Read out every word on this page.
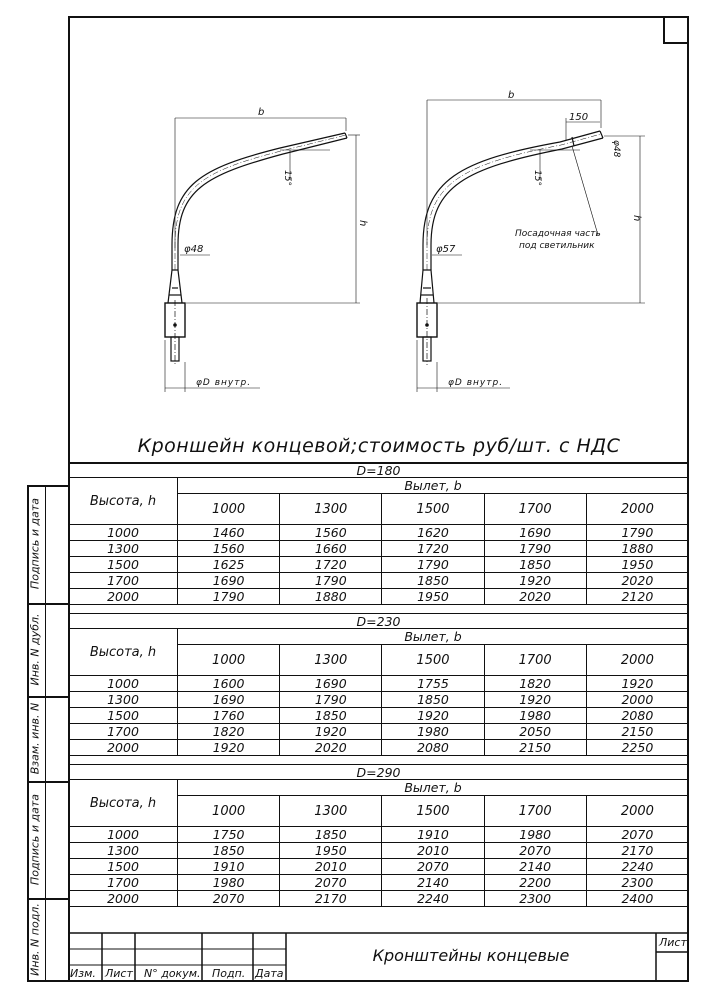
b
h
15°
φ48
φD внутр.
b
h
15°
150
φ48
φ57
φD внутр.
Посадочная часть
под светильник
Кроншейн концевой;стоимость руб/шт. с НДС
D=180					
Высота, h	Вылет, b				
	1000	1300	1500	1700	2000
1000	1460	1560	1620	1690	1790
1300	1560	1660	1720	1790	1880
1500	1625	1720	1790	1850	1950
1700	1690	1790	1850	1920	2020
2000	1790	1880	1950	2020	2120
D=230					
Высота, h	Вылет, b				
	1000	1300	1500	1700	2000
1000	1600	1690	1755	1820	1920
1300	1690	1790	1850	1920	2000
1500	1760	1850	1920	1980	2080
1700	1820	1920	1980	2050	2150
2000	1920	2020	2080	2150	2250
D=290					
Высота, h	Вылет, b				
	1000	1300	1500	1700	2000
1000	1750	1850	1910	1980	2070
1300	1850	1950	2010	2070	2170
1500	1910	2010	2070	2140	2240
1700	1980	2070	2140	2200	2300
2000	2070	2170	2240	2300	2400
Подпись и дата
Инв. N дубл.
Взам. инв. N
Подпись и дата
Инв. N подл.	Изм. Лист N° докум. Подп. Дата
Лист
Кронштейны концевые
